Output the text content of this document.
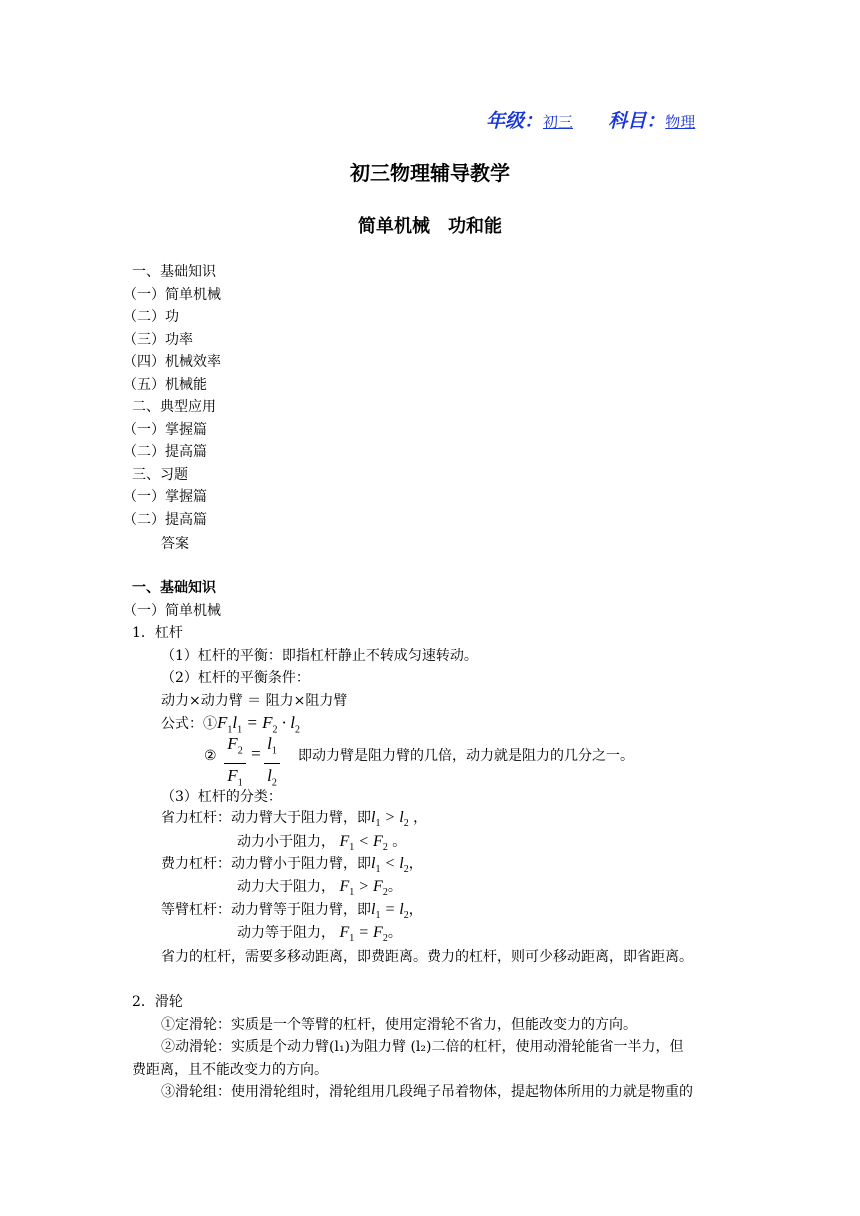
年级：初三 科目：物理
初三物理辅导教学
简单机械　功和能
一、基础知识
（一）简单机械
（二）功
（三）功率
（四）机械效率
（五）机械能
二、典型应用
（一）掌握篇
（二）提高篇
三、习题
（一）掌握篇
（二）提高篇
答案
一、基础知识
（一）简单机械
1．杠杆
（1）杠杆的平衡：即指杠杆静止不转成匀速转动。
（2）杠杆的平衡条件：
动力×动力臂 ＝ 阻力×阻力臂
公式：$①F_1l_1 = F_2 \cdot l_2$
②
$F_2$
$F_1$
=
$l_1$
$l_2$
即动力臂是阻力臂的几倍，动力就是阻力的几分之一。
（3）杠杆的分类：
省力杠杆：动力臂大于阻力臂，即$l_1 > l_2$ ，
动力小于阻力， $F_1 < F_2$ 。
费力杠杆：动力臂小于阻力臂，即$l_1 < l_2$，
动力大于阻力， $F_1 > F_2$。
等臂杠杆：动力臂等于阻力臂，即$l_1 = l_2$，
动力等于阻力， $F_1 = F_2$。
省力的杠杆，需要多移动距离，即费距离。费力的杠杆，则可少移动距离，即省距离。
2．滑轮
①定滑轮：实质是一个等臂的杠杆，使用定滑轮不省力，但能改变力的方向。
②动滑轮：实质是个动力臂(l₁)为阻力臂 (l₂)二倍的杠杆，使用动滑轮能省一半力，但
费距离，且不能改变力的方向。
③滑轮组：使用滑轮组时，滑轮组用几段绳子吊着物体，提起物体所用的力就是物重的
